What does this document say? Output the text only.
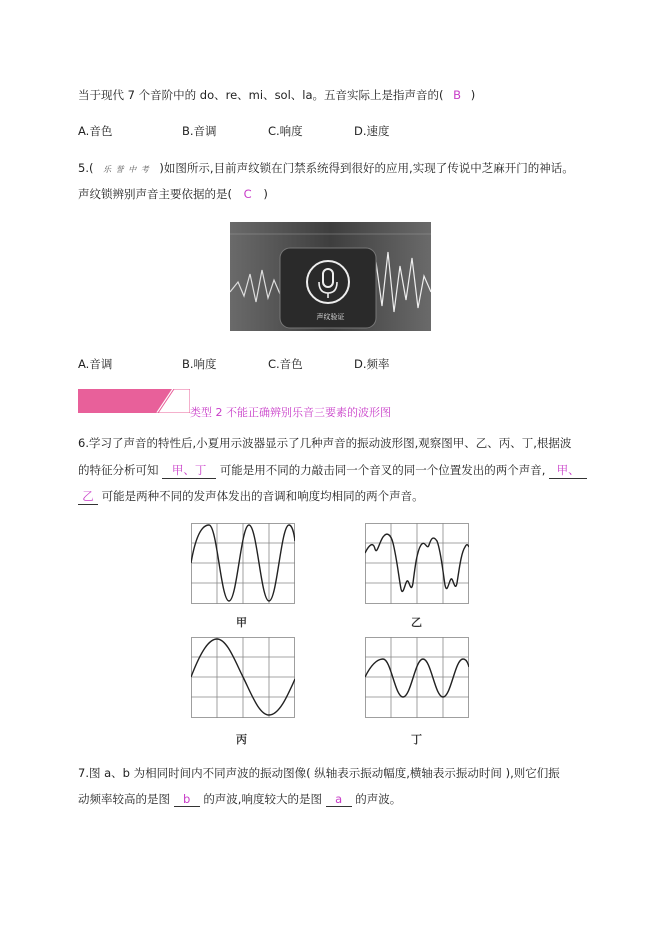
当于现代 7 个音阶中的 do、re、mi、sol、la。五音实际上是指声音的( B )
A.音色	B.音调	C.响度	D.速度
5.( 乐 誉 中 考 )如图所示,目前声纹锁在门禁系统得到很好的应用,实现了传说中芝麻开门的神话。
声纹锁辨别声音主要依据的是( C )
声纹验证
A.音调	B.响度	C.音色	D.频率
类型 2 不能正确辨别乐音三要素的波形图
6.学习了声音的特性后,小夏用示波器显示了几种声音的振动波形图,观察图甲、乙、丙、丁,根据波
的特征分析可知 甲、丁 可能是用不同的力敲击同一个音叉的同一个位置发出的两个声音, 甲、
乙 可能是两种不同的发声体发出的音调和响度均相同的两个声音。
甲	乙
丙	丁
7.图 a、b 为相同时间内不同声波的振动图像( 纵轴表示振动幅度,横轴表示振动时间 ),则它们振
动频率较高的是图 b 的声波,响度较大的是图 a 的声波。
